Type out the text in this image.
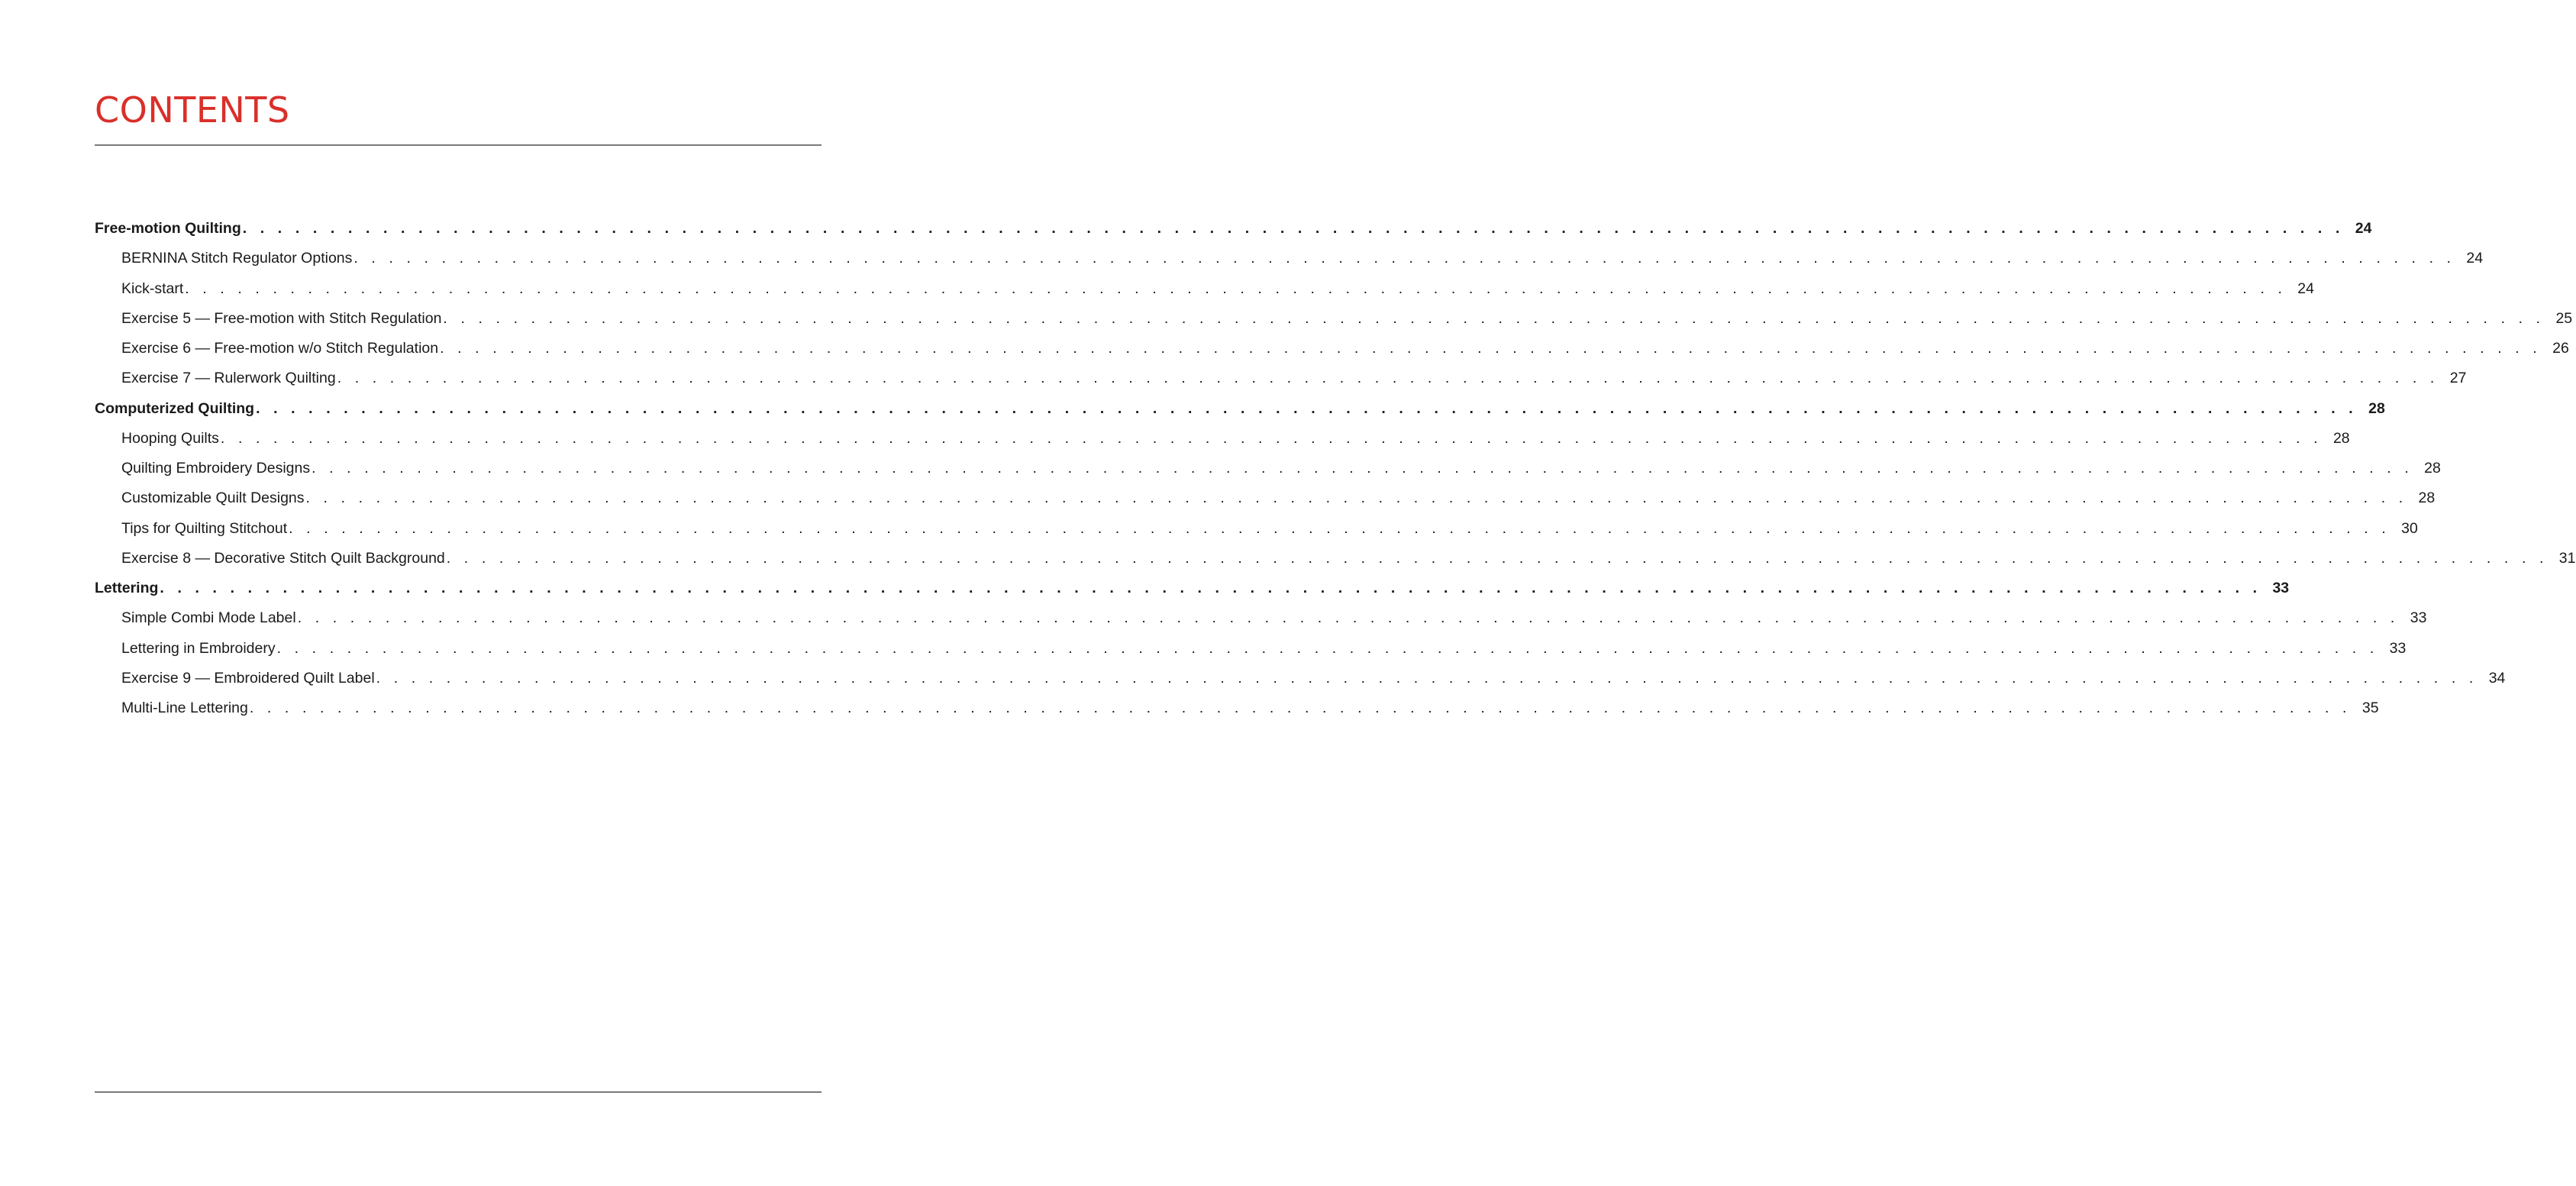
CONTENTS
Free-motion Quilting . . . . . . . . . . . . . . . . . . . . . . . . . . . . . . . . . . . . . . . . . . . . . . . . . . . . . . . . . . . . . . . . . . . . . . . . . . . . . . . . . . . . . . . . . . . . . . . . . . . . . . . . . . . . . . . . . . . . . . . . 24
BERNINA Stitch Regulator Options . . . . . . . . . . . . . . . . . . . . . . . . . . . . . . . . . . . . . . . . . . . . . . . . . . . . . . . . . . . . . . . . . . . . . . . . . . . . . . . . . . . . . . . . . . . . . . . . . . . . . . . . . . . . . . . . . . . . . . . . 24
Kick-start . . . . . . . . . . . . . . . . . . . . . . . . . . . . . . . . . . . . . . . . . . . . . . . . . . . . . . . . . . . . . . . . . . . . . . . . . . . . . . . . . . . . . . . . . . . . . . . . . . . . . . . . . . . . . . . . . . . . . . . . 24
Exercise 5 — Free-motion with Stitch Regulation . . . . . . . . . . . . . . . . . . . . . . . . . . . . . . . . . . . . . . . . . . . . . . . . . . . . . . . . . . . . . . . . . . . . . . . . . . . . . . . . . . . . . . . . . . . . . . . . . . . . . . . . . . . . . . . . . . . . . . . . 25
Exercise 6 — Free-motion w/o Stitch Regulation . . . . . . . . . . . . . . . . . . . . . . . . . . . . . . . . . . . . . . . . . . . . . . . . . . . . . . . . . . . . . . . . . . . . . . . . . . . . . . . . . . . . . . . . . . . . . . . . . . . . . . . . . . . . . . . . . . . . . . . . 26
Exercise 7 — Rulerwork Quilting . . . . . . . . . . . . . . . . . . . . . . . . . . . . . . . . . . . . . . . . . . . . . . . . . . . . . . . . . . . . . . . . . . . . . . . . . . . . . . . . . . . . . . . . . . . . . . . . . . . . . . . . . . . . . . . . . . . . . . . . 27
Computerized Quilting . . . . . . . . . . . . . . . . . . . . . . . . . . . . . . . . . . . . . . . . . . . . . . . . . . . . . . . . . . . . . . . . . . . . . . . . . . . . . . . . . . . . . . . . . . . . . . . . . . . . . . . . . . . . . . . . . . . . . . . . 28
Hooping Quilts . . . . . . . . . . . . . . . . . . . . . . . . . . . . . . . . . . . . . . . . . . . . . . . . . . . . . . . . . . . . . . . . . . . . . . . . . . . . . . . . . . . . . . . . . . . . . . . . . . . . . . . . . . . . . . . . . . . . . . . . 28
Quilting Embroidery Designs . . . . . . . . . . . . . . . . . . . . . . . . . . . . . . . . . . . . . . . . . . . . . . . . . . . . . . . . . . . . . . . . . . . . . . . . . . . . . . . . . . . . . . . . . . . . . . . . . . . . . . . . . . . . . . . . . . . . . . . . 28
Customizable Quilt Designs . . . . . . . . . . . . . . . . . . . . . . . . . . . . . . . . . . . . . . . . . . . . . . . . . . . . . . . . . . . . . . . . . . . . . . . . . . . . . . . . . . . . . . . . . . . . . . . . . . . . . . . . . . . . . . . . . . . . . . . . 28
Tips for Quilting Stitchout . . . . . . . . . . . . . . . . . . . . . . . . . . . . . . . . . . . . . . . . . . . . . . . . . . . . . . . . . . . . . . . . . . . . . . . . . . . . . . . . . . . . . . . . . . . . . . . . . . . . . . . . . . . . . . . . . . . . . . . . 30
Exercise 8 — Decorative Stitch Quilt Background . . . . . . . . . . . . . . . . . . . . . . . . . . . . . . . . . . . . . . . . . . . . . . . . . . . . . . . . . . . . . . . . . . . . . . . . . . . . . . . . . . . . . . . . . . . . . . . . . . . . . . . . . . . . . . . . . . . . . . . . 31
Lettering . . . . . . . . . . . . . . . . . . . . . . . . . . . . . . . . . . . . . . . . . . . . . . . . . . . . . . . . . . . . . . . . . . . . . . . . . . . . . . . . . . . . . . . . . . . . . . . . . . . . . . . . . . . . . . . . . . . . . . . . 33
Simple Combi Mode Label . . . . . . . . . . . . . . . . . . . . . . . . . . . . . . . . . . . . . . . . . . . . . . . . . . . . . . . . . . . . . . . . . . . . . . . . . . . . . . . . . . . . . . . . . . . . . . . . . . . . . . . . . . . . . . . . . . . . . . . . 33
Lettering in Embroidery . . . . . . . . . . . . . . . . . . . . . . . . . . . . . . . . . . . . . . . . . . . . . . . . . . . . . . . . . . . . . . . . . . . . . . . . . . . . . . . . . . . . . . . . . . . . . . . . . . . . . . . . . . . . . . . . . . . . . . . . 33
Exercise 9 — Embroidered Quilt Label . . . . . . . . . . . . . . . . . . . . . . . . . . . . . . . . . . . . . . . . . . . . . . . . . . . . . . . . . . . . . . . . . . . . . . . . . . . . . . . . . . . . . . . . . . . . . . . . . . . . . . . . . . . . . . . . . . . . . . . . 34
Multi-Line Lettering . . . . . . . . . . . . . . . . . . . . . . . . . . . . . . . . . . . . . . . . . . . . . . . . . . . . . . . . . . . . . . . . . . . . . . . . . . . . . . . . . . . . . . . . . . . . . . . . . . . . . . . . . . . . . . . . . . . . . . . . 35
